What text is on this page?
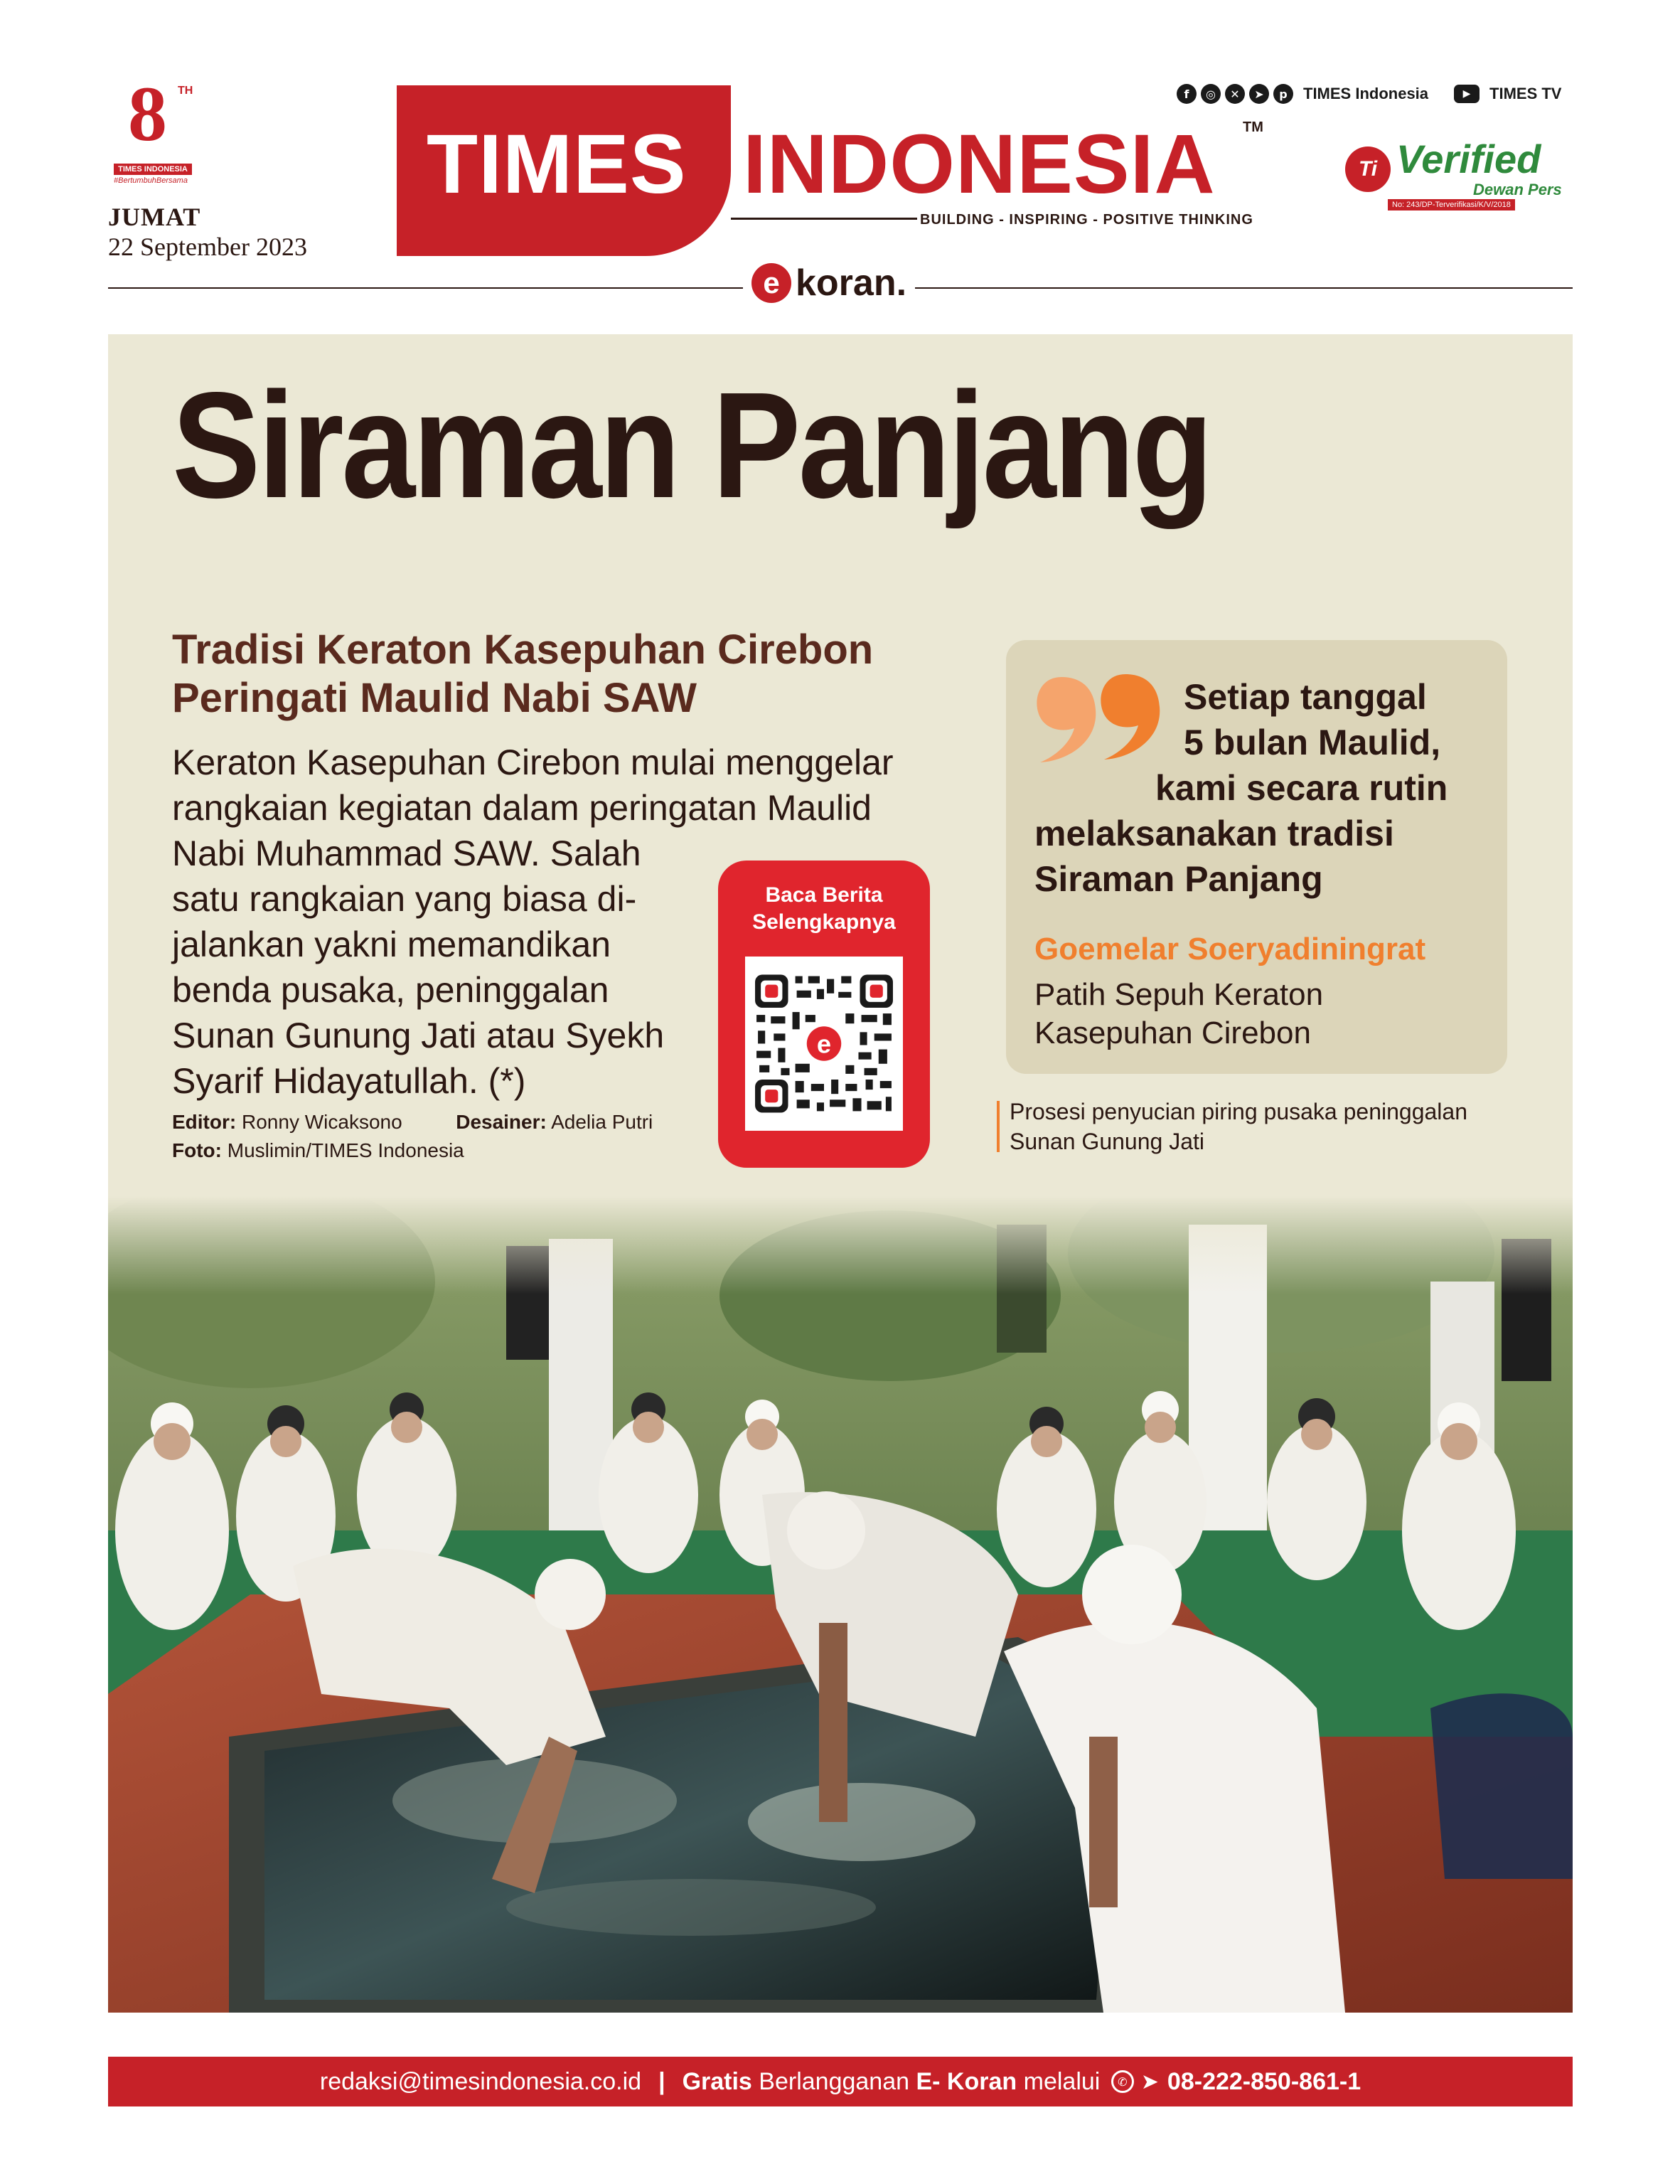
8 TH
TIMES INDONESIA
#BertumbuhBersama
JUMAT
22 September 2023
TIMES INDONESIA TM
BUILDING - INSPIRING - POSITIVE THINKING
f	◎	✕	➤	p	TIMES Indonesia	▶	TIMES TV
Ti Verified
Dewan Pers
No: 243/DP-Terverifikasi/K/V/2018
e koran.
Siraman Panjang
Tradisi Keraton Kasepuhan Cirebon Peringati Maulid Nabi SAW
Keraton Kasepuhan Cirebon mulai menggelar rangkaian kegiatan dalam peringatan Maulid
Nabi Muhammad SAW. Salah satu rangkaian yang biasa dijalankan yakni memandikan benda pusaka, peninggalan Sunan Gunung Jati atau Syekh Syarif Hidayatullah. (*)
Editor: Ronny Wicaksono	Desainer: Adelia Putri
Foto: Muslimin/TIMES Indonesia
Baca Berita
Selengkapnya
e
Setiap tanggal
5 bulan Maulid,
kami secara rutin
melaksanakan tradisi
Siraman Panjang
Goemelar Soeryadiningrat
Patih Sepuh Keraton Kasepuhan Cirebon
Prosesi penyucian piring pusaka peninggalan Sunan Gunung Jati
redaksi@timesindonesia.co.id | Gratis Berlangganan E- Koran melalui ✆ ➤ 08-222-850-861-1
